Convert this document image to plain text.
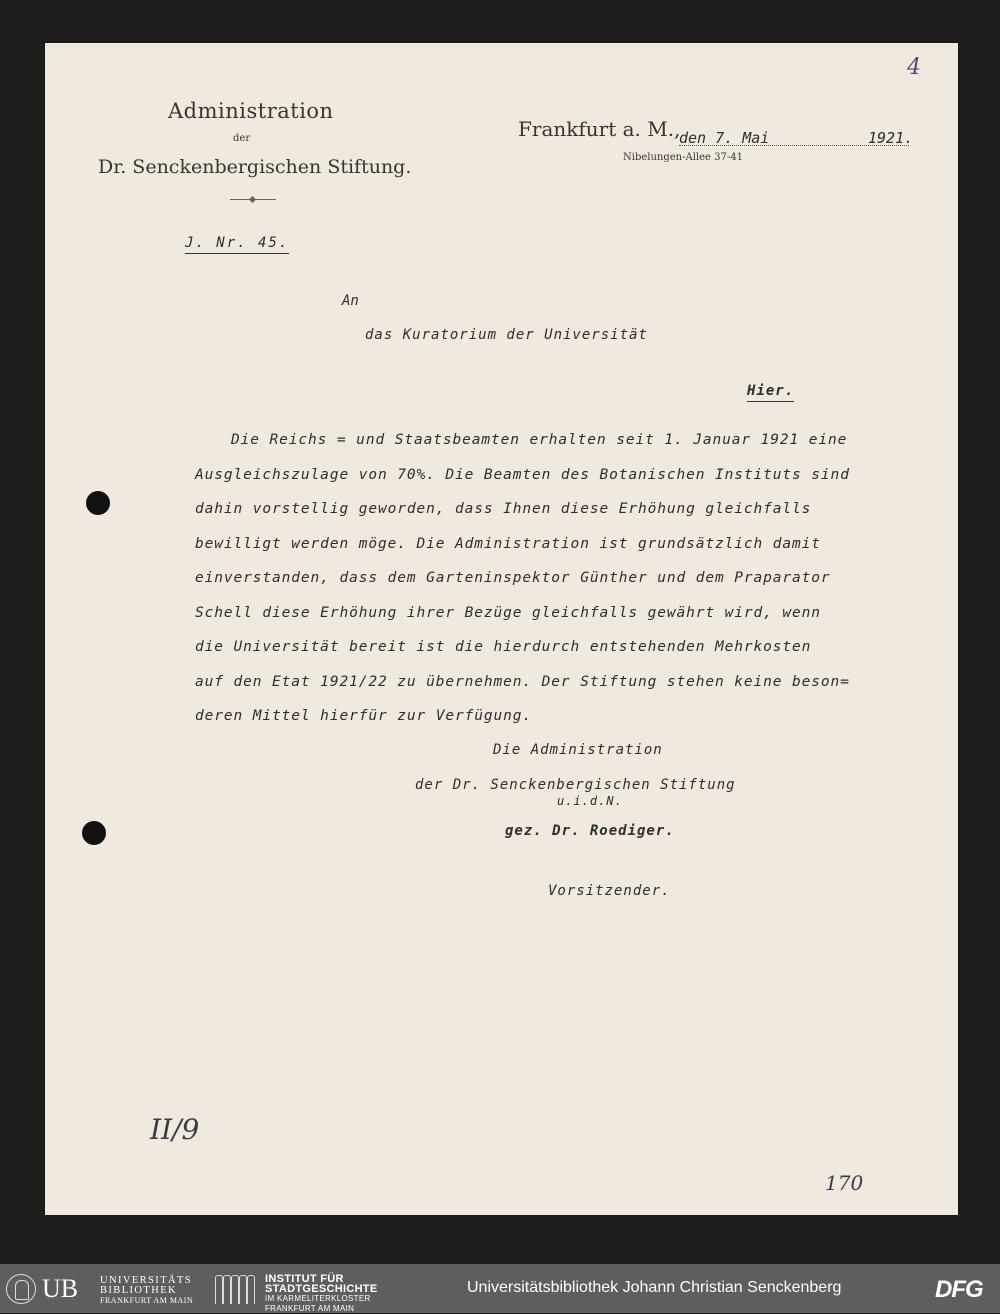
Administration
der
Dr. Senckenbergischen Stiftung.
Frankfurt a. M.,
Nibelungen-Allee 37-41
den 7. Mai	1921.
J. Nr. 45.
An
das Kuratorium der Universität
Hier.
Die Reichs = und Staatsbeamten erhalten seit 1. Januar 1921 eine
Ausgleichszulage von 70%. Die Beamten des Botanischen Instituts sind
dahin vorstellig geworden, dass Ihnen diese Erhöhung gleichfalls
bewilligt werden möge. Die Administration ist grundsätzlich damit
einverstanden, dass dem Garteninspektor Günther und dem Praparator
Schell diese Erhöhung ihrer Bezüge gleichfalls gewährt wird, wenn
die Universität bereit ist die hierdurch entstehenden Mehrkosten
auf den Etat 1921/22 zu übernehmen. Der Stiftung stehen keine beson=
deren Mittel hierfür zur Verfügung.
Die Administration
der Dr. Senckenbergischen Stiftung
u.i.d.N.
gez. Dr. Roediger.
Vorsitzender.
4
II/9
170
UB UNIVERSITÄTS
BIBLIOTHEK
FRANKFURT AM MAIN
INSTITUT FÜR
STADTGESCHICHTE
IM KARMELITERKLOSTER
FRANKFURT AM MAIN
Universitätsbibliothek Johann Christian Senckenberg	DFG
